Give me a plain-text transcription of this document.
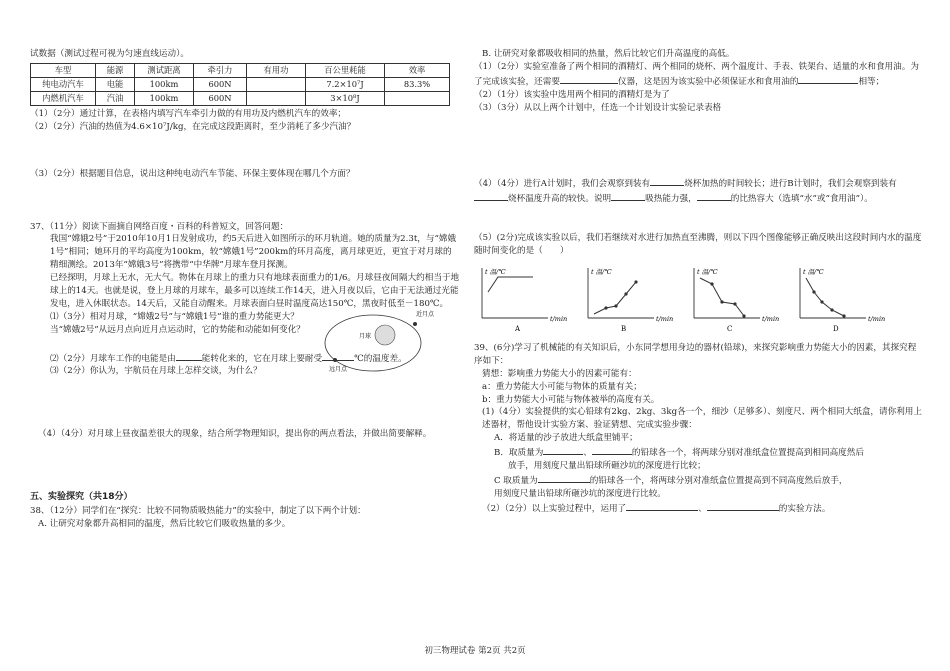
试数据（测试过程可视为匀速直线运动）。

车型	能源	测试距离	牵引力	有用功	百公里耗能	效率
纯电动汽车	电能	100km	600N		7.2×10⁷J	83.3%
内燃机汽车	汽油	100km	600N		3×10⁸J	

（1）（2分）通过计算，在表格内填写汽车牵引力做的有用功及内燃机汽车的效率；

（2）（2分）汽油的热值为4.6×10⁷J/kg，在完成这段距离时，至少消耗了多少汽油？

（3）（2分）根据题目信息，说出这种纯电动汽车节能、环保主要体现在哪几个方面？

37、（11分）阅读下面摘自网络百度・百科的科普短文，回答问题：

我国“嫦娥2号”于2010年10月1日发射成功，约5天后进入如图所示的环月轨道。她的质量为2.3t，与“嫦娥1号”相同；她环月的平均高度为100km，较“嫦娥1号”200km的环月高度，离月球更近，更宜于对月球的精细测绘。2013年“嫦娥3号”将携带“中华牌”月球车登月探测。

已经探明，月球上无水，无大气。物体在月球上的重力只有地球表面重力的1/6。月球昼夜间隔大约相当于地球上的14天。也就是说，登上月球的月球车，最多可以连续工作14天，进入月夜以后，它由于无法通过光能发电，进入休眠状态。14天后，又能自动醒来。月球表面白昼时温度高达150℃，黑夜时低至－180℃。

⑴（3分）相对月球，“嫦娥2号”与“嫦娥1号”谁的重力势能更大？当“嫦娥2号”从远月点向近月点运动时，它的势能和动能如何变化？

近月点
月球
远月点

⑵（2分）月球车工作的电能是由	能转化来的，它在月球上要耐受	℃的温度差。

⑶（2分）你认为，宇航员在月球上怎样交谈，为什么？

（4）（4分）对月球上昼夜温差很大的现象，结合所学物理知识，提出你的两点看法，并做出简要解释。

五、实验探究（共18分）

38、（12分）同学们在“探究：比较不同物质吸热能力”的实验中，制定了以下两个计划：

A. 让研究对象都升高相同的温度，然后比较它们吸收热量的多少。

B. 让研究对象都吸收相同的热量，然后比较它们升高温度的高低。

（1）（2分）实验室准备了两个相同的酒精灯、两个相同的烧杯、两个温度计、手表、铁架台、适量的水和食用油。为了完成该实验，还需要	仪器，这是因为该实验中必须保证水和食用油的	相等；

（2）（1分）该实验中选用两个相同的酒精灯是为了

（3）（3分）从以上两个计划中，任选一个计划设计实验记录表格

（4）（4分）进行A计划时，我们会观察到装有	烧杯加热的时间较长；进行B计划时，我们会观察到装有烧杯温度升高的较快。说明	吸热能力强，	的比热容大（选填“水”或“食用油”）。

（5）(2分)完成该实验以后，我们若继续对水进行加热直至沸腾，则以下四个图像能够正确反映出这段时间内水的温度随时间变化的是（　　）

t 温/℃
t/min
A
t 温/℃
t/min
B
t 温/℃
t/min
C
t 温/℃
t/min
D

39、(6分)学习了机械能的有关知识后，小东同学想用身边的器材(铅球)，来探究影响重力势能大小的因素，其探究程序如下：

猜想：影响重力势能大小的因素可能有：

a：重力势能大小可能与物体的质量有关；

b：重力势能大小可能与物体被举的高度有关。

(1)（4分）实验提供的实心铅球有2kg、2kg、3kg各一个，细沙（足够多）、刻度尺、两个相同大纸盒，请你利用上述器材，帮他设计实验方案、验证猜想、完成实验步骤：

A．将适量的沙子放进大纸盒里铺平；

B．取质量为	、	的铅球各一个，将两球分别对准纸盒位置提高到相同高度然后

放手，用刻度尺量出铅球所砸沙坑的深度进行比较；

C 取质量为	的铅球各一个，将两球分别对准纸盒位置提高到不同高度然后放手，

用刻度尺量出铅球所砸沙坑的深度进行比较。

（2）（2分）以上实验过程中，运用了	、	的实验方法。

初三物理试卷 第2页 共2页
